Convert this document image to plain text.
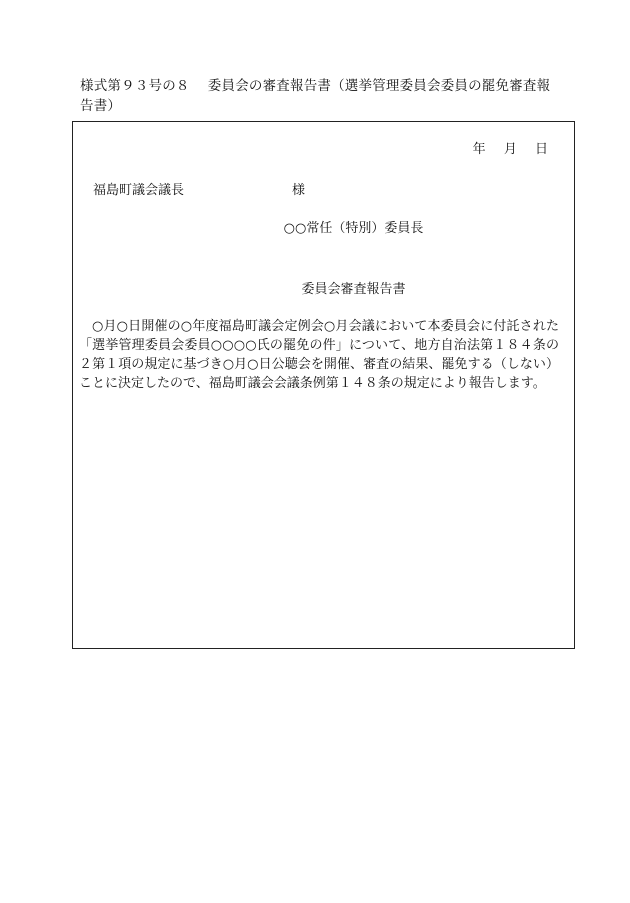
様式第９３号の８　 委員会の審査報告書（選挙管理委員会委員の罷免審査報告書）
年 月 日
福島町議会議長	様
○○常任（特別）委員長
委員会審査報告書
○月○日開催の○年度福島町議会定例会○月会議において本委員会に付託された「選挙管理委員会委員○○○○氏の罷免の件」について、地方自治法第１８４条の２第１項の規定に基づき○月○日公聴会を開催、審査の結果、罷免する（しない）ことに決定したので、福島町議会会議条例第１４８条の規定により報告します。
